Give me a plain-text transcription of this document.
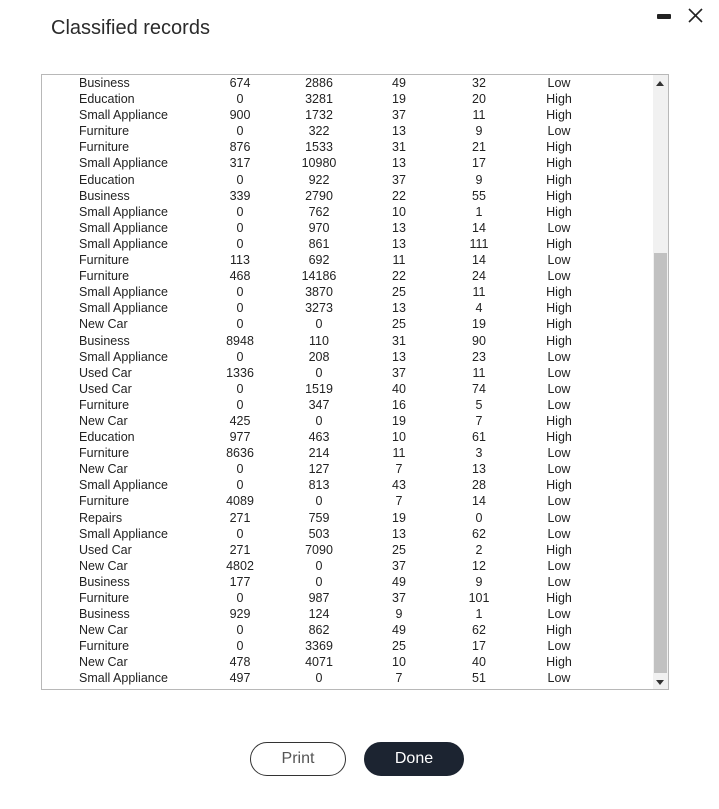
Classified records
Business	674	2886	49	32	Low
Education	0	3281	19	20	High
Small Appliance	900	1732	37	11	High
Furniture	0	322	13	9	Low
Furniture	876	1533	31	21	High
Small Appliance	317	10980	13	17	High
Education	0	922	37	9	High
Business	339	2790	22	55	High
Small Appliance	0	762	10	1	High
Small Appliance	0	970	13	14	Low
Small Appliance	0	861	13	111	High
Furniture	113	692	11	14	Low
Furniture	468	14186	22	24	Low
Small Appliance	0	3870	25	11	High
Small Appliance	0	3273	13	4	High
New Car	0	0	25	19	High
Business	8948	110	31	90	High
Small Appliance	0	208	13	23	Low
Used Car	1336	0	37	11	Low
Used Car	0	1519	40	74	Low
Furniture	0	347	16	5	Low
New Car	425	0	19	7	High
Education	977	463	10	61	High
Furniture	8636	214	11	3	Low
New Car	0	127	7	13	Low
Small Appliance	0	813	43	28	High
Furniture	4089	0	7	14	Low
Repairs	271	759	19	0	Low
Small Appliance	0	503	13	62	Low
Used Car	271	7090	25	2	High
New Car	4802	0	37	12	Low
Business	177	0	49	9	Low
Furniture	0	987	37	101	High
Business	929	124	9	1	Low
New Car	0	862	49	62	High
Furniture	0	3369	25	17	Low
New Car	478	4071	10	40	High
Small Appliance	497	0	7	51	Low
Print	Done
